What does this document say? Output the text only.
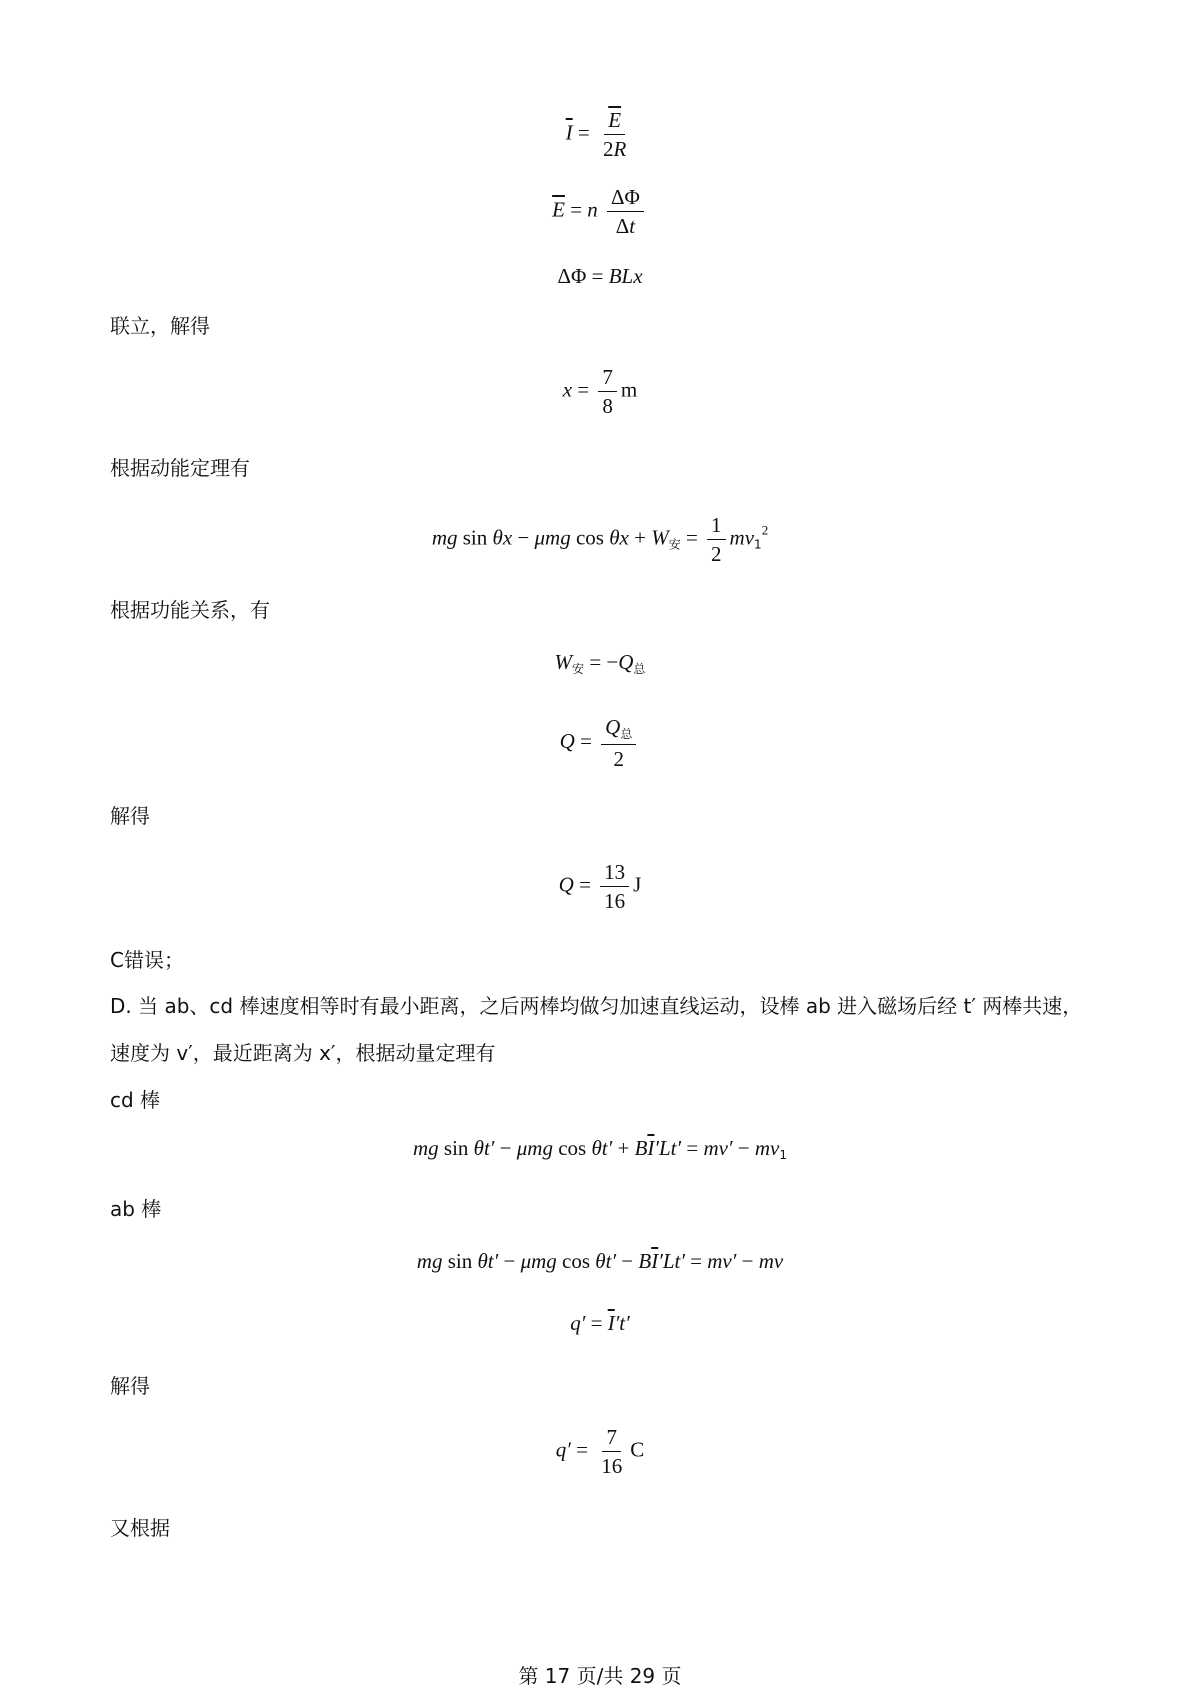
$\overline{I} = \frac{\overline{E}}{2R}$
$\overline{E} = n \frac{\Delta\Phi}{\Delta t}$
ΔΦ = BLx
联立，解得
$x = \frac{7}{8}$ m
根据动能定理有
mg sin θx − μmg $\cos \theta x + W_安 = \frac{1}{2} mv_1^2$
根据功能关系，有
$W_安 = -Q_总$
$Q = \frac{Q_总}{2}$
解得
$Q = \frac{13}{16}$ J
C错误；
D. 当 ab、cd 棒速度相等时有最小距离，之后两棒均做匀加速直线运动，设棒 ab 进入磁场后经 t′ 两棒共速，
速度为 v′，最近距离为 x′，根据动量定理有
cd 棒
mg sin θt′ − μmg $\cos \theta t' + B\overline{I}'Lt' = mv' - mv_1$
ab 棒
mg sin θt′ − μmg $\cos \theta t' - B\overline{I}'Lt' = mv'$ − mv
$q' = \overline{I}'t'$
解得
$q' = \frac{7}{16}$ C
又根据
第 17 页/共 29 页
